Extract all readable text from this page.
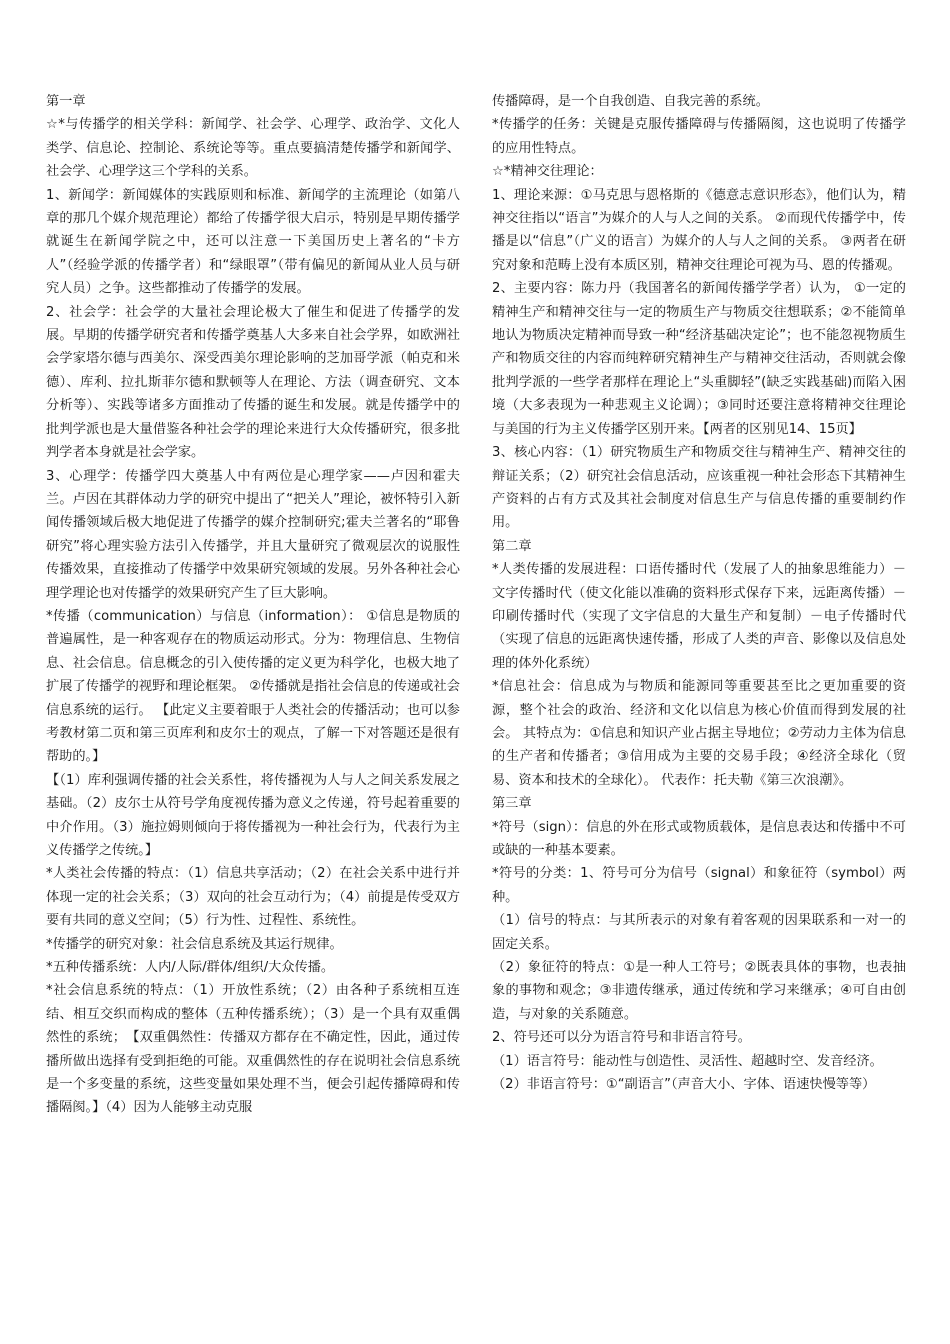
第一章

☆*与传播学的相关学科：新闻学、社会学、心理学、政治学、文化人类学、信息论、控制论、系统论等等。重点要搞清楚传播学和新闻学、社会学、心理学这三个学科的关系。

1、新闻学：新闻媒体的实践原则和标准、新闻学的主流理论（如第八章的那几个媒介规范理论）都给了传播学很大启示，特别是早期传播学就诞生在新闻学院之中，还可以注意一下美国历史上著名的“卡方人”（经验学派的传播学者）和“绿眼罩”（带有偏见的新闻从业人员与研究人员）之争。这些都推动了传播学的发展。

2、社会学：社会学的大量社会理论极大了催生和促进了传播学的发展。早期的传播学研究者和传播学奠基人大多来自社会学界，如欧洲社会学家塔尔德与西美尔、深受西美尔理论影响的芝加哥学派（帕克和米德）、库利、拉扎斯菲尔德和默顿等人在理论、方法（调查研究、文本分析等）、实践等诸多方面推动了传播的诞生和发展。就是传播学中的批判学派也是大量借鉴各种社会学的理论来进行大众传播研究，很多批判学者本身就是社会学家。

3、心理学：传播学四大奠基人中有两位是心理学家——卢因和霍夫兰。卢因在其群体动力学的研究中提出了“把关人”理论，被怀特引入新闻传播领域后极大地促进了传播学的媒介控制研究;霍夫兰著名的“耶鲁研究”将心理实验方法引入传播学，并且大量研究了微观层次的说服性传播效果，直接推动了传播学中效果研究领域的发展。另外各种社会心理学理论也对传播学的效果研究产生了巨大影响。

*传播（communication）与信息（information）： ①信息是物质的普遍属性，是一种客观存在的物质运动形式。分为：物理信息、生物信息、社会信息。信息概念的引入使传播的定义更为科学化，也极大地了扩展了传播学的视野和理论框架。 ②传播就是指社会信息的传递或社会信息系统的运行。 【此定义主要着眼于人类社会的传播活动；也可以参考教材第二页和第三页库利和皮尔士的观点，了解一下对答题还是很有帮助的。】

【（1）库利强调传播的社会关系性，将传播视为人与人之间关系发展之基础。（2）皮尔士从符号学角度视传播为意义之传递，符号起着重要的中介作用。（3）施拉姆则倾向于将传播视为一种社会行为，代表行为主义传播学之传统。】

*人类社会传播的特点：（1）信息共享活动；（2）在社会关系中进行并体现一定的社会关系；（3）双向的社会互动行为；（4）前提是传受双方要有共同的意义空间；（5）行为性、过程性、系统性。

*传播学的研究对象：社会信息系统及其运行规律。

*五种传播系统：人内/人际/群体/组织/大众传播。

*社会信息系统的特点：（1）开放性系统；（2）由各种子系统相互连结、相互交织而构成的整体（五种传播系统）；（3）是一个具有双重偶然性的系统；　【双重偶然性：传播双方都存在不确定性，因此，通过传播所做出选择有受到拒绝的可能。双重偶然性的存在说明社会信息系统是一个多变量的系统，这些变量如果处理不当，便会引起传播障碍和传播隔阂。】（4）因为人能够主动克服

传播障碍，是一个自我创造、自我完善的系统。

*传播学的任务：关键是克服传播障碍与传播隔阂，这也说明了传播学的应用性特点。

☆*精神交往理论：

1、理论来源：①马克思与恩格斯的《德意志意识形态》，他们认为，精神交往指以“语言”为媒介的人与人之间的关系。 ②而现代传播学中，传播是以“信息”（广义的语言）为媒介的人与人之间的关系。 ③两者在研究对象和范畴上没有本质区别，精神交往理论可视为马、恩的传播观。

2、主要内容：陈力丹（我国著名的新闻传播学学者）认为， ①一定的精神生产和精神交往与一定的物质生产与物质交往想联系；②不能简单地认为物质决定精神而导致一种“经济基础决定论”；也不能忽视物质生产和物质交往的内容而纯粹研究精神生产与精神交往活动，否则就会像批判学派的一些学者那样在理论上“头重脚轻”(缺乏实践基础)而陷入困境（大多表现为一种悲观主义论调）；③同时还要注意将精神交往理论与美国的行为主义传播学区别开来。【两者的区别见14、15页】

3、核心内容：（1）研究物质生产和物质交往与精神生产、精神交往的辩证关系；（2）研究社会信息活动，应该重视一种社会形态下其精神生产资料的占有方式及其社会制度对信息生产与信息传播的重要制约作用。

第二章

*人类传播的发展进程：口语传播时代（发展了人的抽象思维能力）－文字传播时代（使文化能以准确的资料形式保存下来，远距离传播）－印刷传播时代（实现了文字信息的大量生产和复制）－电子传播时代（实现了信息的远距离快速传播，形成了人类的声音、影像以及信息处理的体外化系统）

*信息社会：信息成为与物质和能源同等重要甚至比之更加重要的资源，整个社会的政治、经济和文化以信息为核心价值而得到发展的社会。 其特点为：①信息和知识产业占据主导地位；②劳动力主体为信息的生产者和传播者；③信用成为主要的交易手段；④经济全球化（贸易、资本和技术的全球化）。 代表作：托夫勒《第三次浪潮》。

第三章

*符号（sign）：信息的外在形式或物质载体，是信息表达和传播中不可或缺的一种基本要素。

*符号的分类：1、符号可分为信号（signal）和象征符（symbol）两种。

（1）信号的特点：与其所表示的对象有着客观的因果联系和一对一的固定关系。

（2）象征符的特点：①是一种人工符号；②既表具体的事物，也表抽象的事物和观念；③非遗传继承，通过传统和学习来继承；④可自由创造，与对象的关系随意。

2、符号还可以分为语言符号和非语言符号。

（1）语言符号：能动性与创造性、灵活性、超越时空、发音经济。

（2）非语言符号：①“副语言”（声音大小、字体、语速快慢等等）
